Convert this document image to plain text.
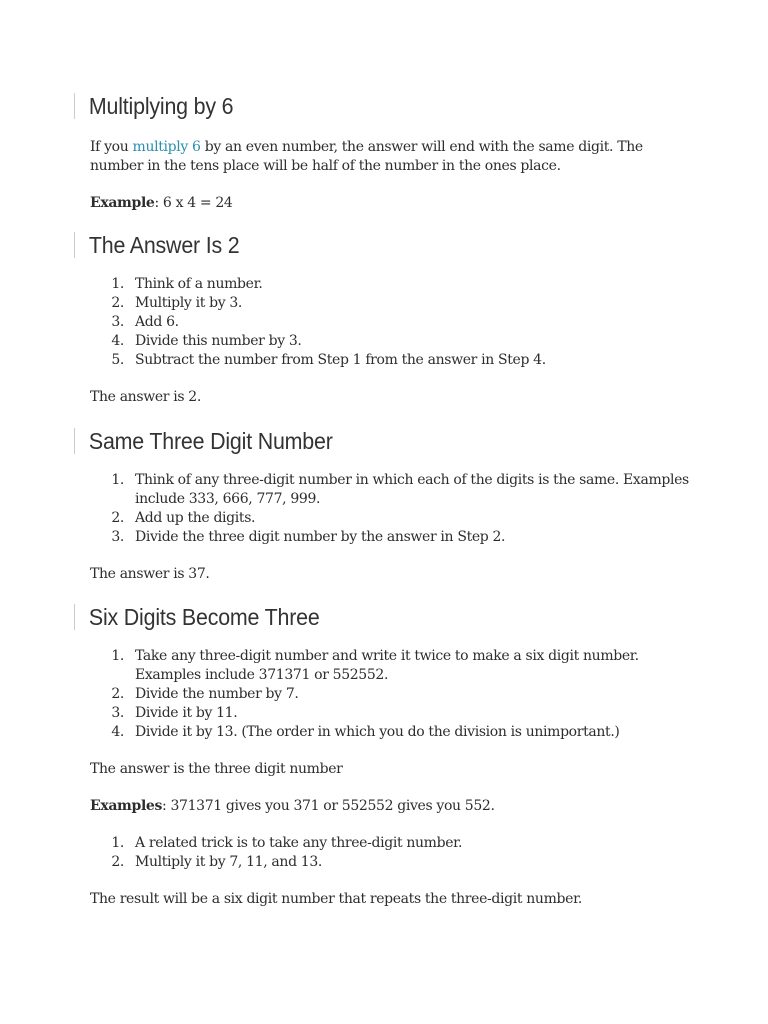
Multiplying by 6

If you multiply 6 by an even number, the answer will end with the same digit. The number in the tens place will be half of the number in the ones place.

Example: 6 x 4 = 24

The Answer Is 2
1. Think of a number.
2. Multiply it by 3.
3. Add 6.
4. Divide this number by 3.
5. Subtract the number from Step 1 from the answer in Step 4.

The answer is 2.

Same Three Digit Number
1. Think of any three-digit number in which each of the digits is the same. Examples include 333, 666, 777, 999.
2. Add up the digits.
3. Divide the three digit number by the answer in Step 2.

The answer is 37.

Six Digits Become Three
1. Take any three-digit number and write it twice to make a six digit number. Examples include 371371 or 552552.
2. Divide the number by 7.
3. Divide it by 11.
4. Divide it by 13. (The order in which you do the division is unimportant.)

The answer is the three digit number

Examples: 371371 gives you 371 or 552552 gives you 552.

1. A related trick is to take any three-digit number.
2. Multiply it by 7, 11, and 13.

The result will be a six digit number that repeats the three-digit number.
